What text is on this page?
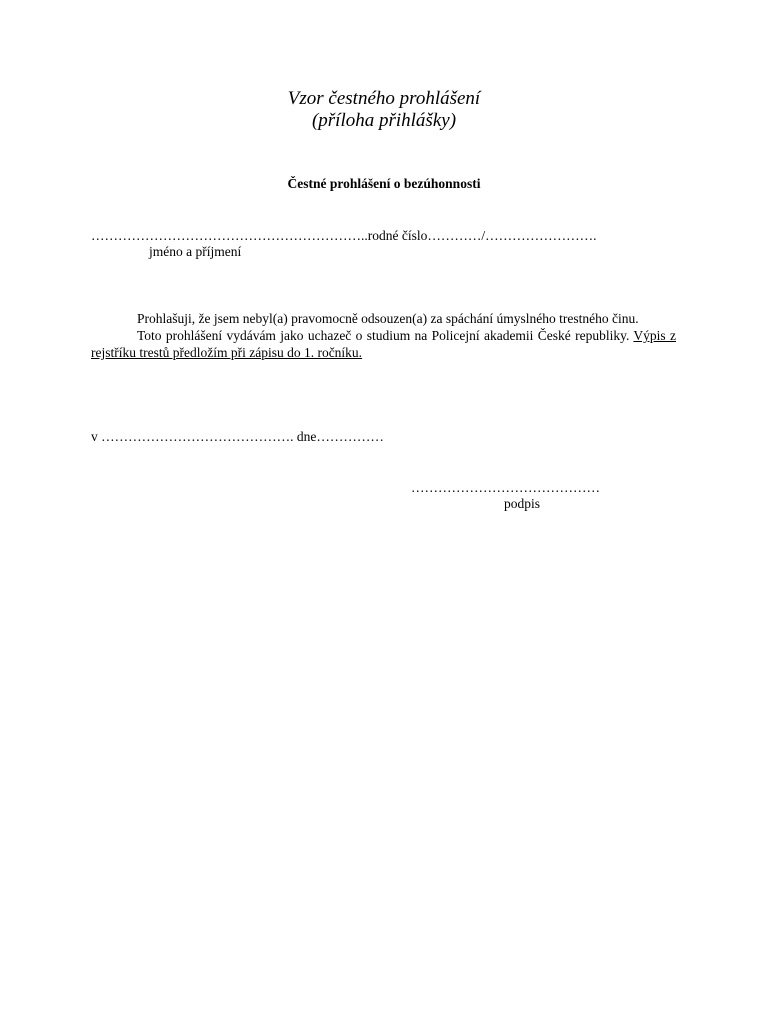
Vzor čestného prohlášení
(příloha přihlášky)
Čestné prohlášení o bezúhonnosti
……………………………………………………..rodné číslo…………/…………………….
jméno a příjmení

Prohlašuji, že jsem nebyl(a) pravomocně odsouzen(a) za spáchání úmyslného trestného činu.

Toto prohlášení vydávám jako uchazeč o studium na Policejní akademii České republiky. Výpis z rejstříku trestů předložím při zápisu do 1. ročníku.

v ……………………………………. dne……………
……………………………………
podpis
